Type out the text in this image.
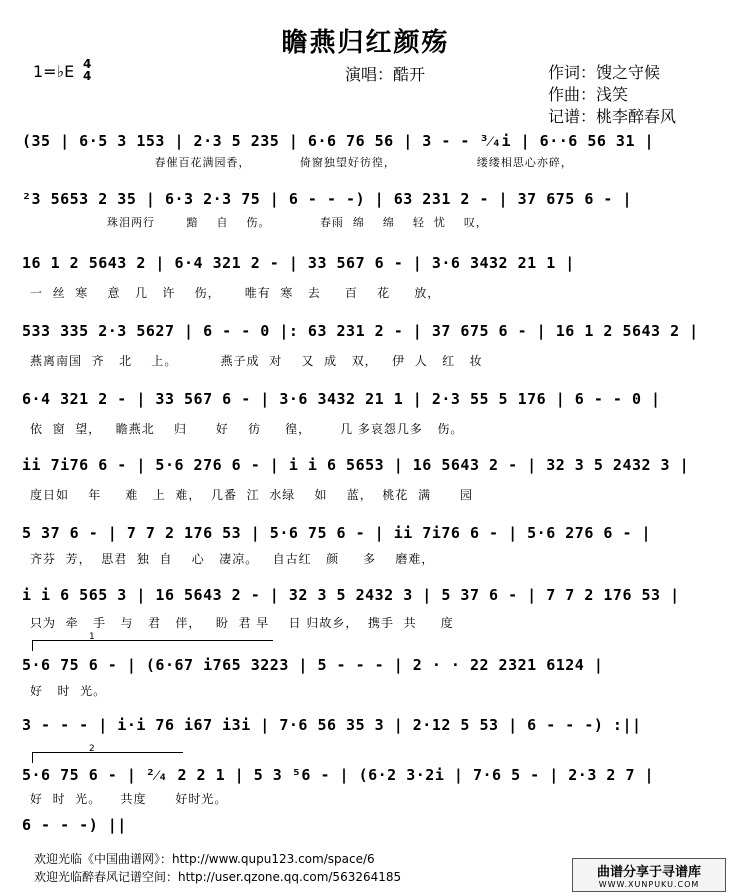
瞻燕归红颜殇
1=♭E 4
4	演唱：酷开	作词：馊之守候
作曲：浅笑
记谱：桃李醉春风
(35 | 6·5 3 153 | 2·3 5 235 | 6·6 76 56 | 3 - - ³⁄₄i | 6··6 56 31 |
春催百花满园香，           倚窗独望好彷徨，                  缕缕相思心亦碎，
²3 5653 2 35 | 6·3 2·3 75 | 6 - - -) | 63 231 2 - | 37 675 6 - |
珠泪两行       黯    自    伤。           春雨  绵    绵    轻  忧    叹，
16 1 2 5643 2 | 6·4 321 2 - | 33 567 6 - | 3·6 3432 21 1 |
一  丝  寒    意   几   许    伤，     唯有  寒   去     百    花     放，
533 335 2·3 5627 | 6 - - 0 |: 63 231 2 - | 37 675 6 - | 16 1 2 5643 2 |
燕离南国  齐   北    上。         燕子成  对    又  成   双，   伊  人   红   妆
6·4 321 2 - | 33 567 6 - | 3·6 3432 21 1 | 2·3 55 5 176 | 6 - - 0 |
依  窗  望，   瞻燕北    归      好    彷     徨，      几 多哀怨几多   伤。
ii 7i76 6 - | 5·6 276 6 - | i i 6 5653 | 16 5643 2 - | 32 3 5 2432 3 |
度日如    年     难   上  难，  几番  江  水绿    如    蓝，  桃花  满      园
5 37 6 - | 7 7 2 176 53 | 5·6 75 6 - | ii 7i76 6 - | 5·6 276 6 - |
齐芬  芳，  思君  独  自    心   凄凉。   自古红   颜     多    磨难，
i i 6 565 3 | 16 5643 2 - | 32 3 5 2432 3 | 5 37 6 - | 7 7 2 176 53 |
只为  牵   手   与   君   伴，   盼  君 早    日 归故乡，  携手  共     度
1
5·6 75 6 - | (6·67 i765 3223 | 5 - - - | 2 · · 22 2321 6124 |
好   时  光。
3 - - - | i·i 76 i67 i3i | 7·6 56 35 3 | 2·12 5 53 | 6 - - -) :||
2
5·6 75 6 - | ²⁄₄ 2 2 1 | 5 3 ⁵6 - | (6·2 3·2i | 7·6 5 - | 2·3 2 7 |
好  时  光。    共度      好时光。
6 - - -) ||
欢迎光临《中国曲谱网》：http://www.qupu123.com/space/6
欢迎光临醉春风记谱空间：http://user.qzone.qq.com/563264185	曲谱分享于寻谱库
WWW.XUNPUKU.COM
